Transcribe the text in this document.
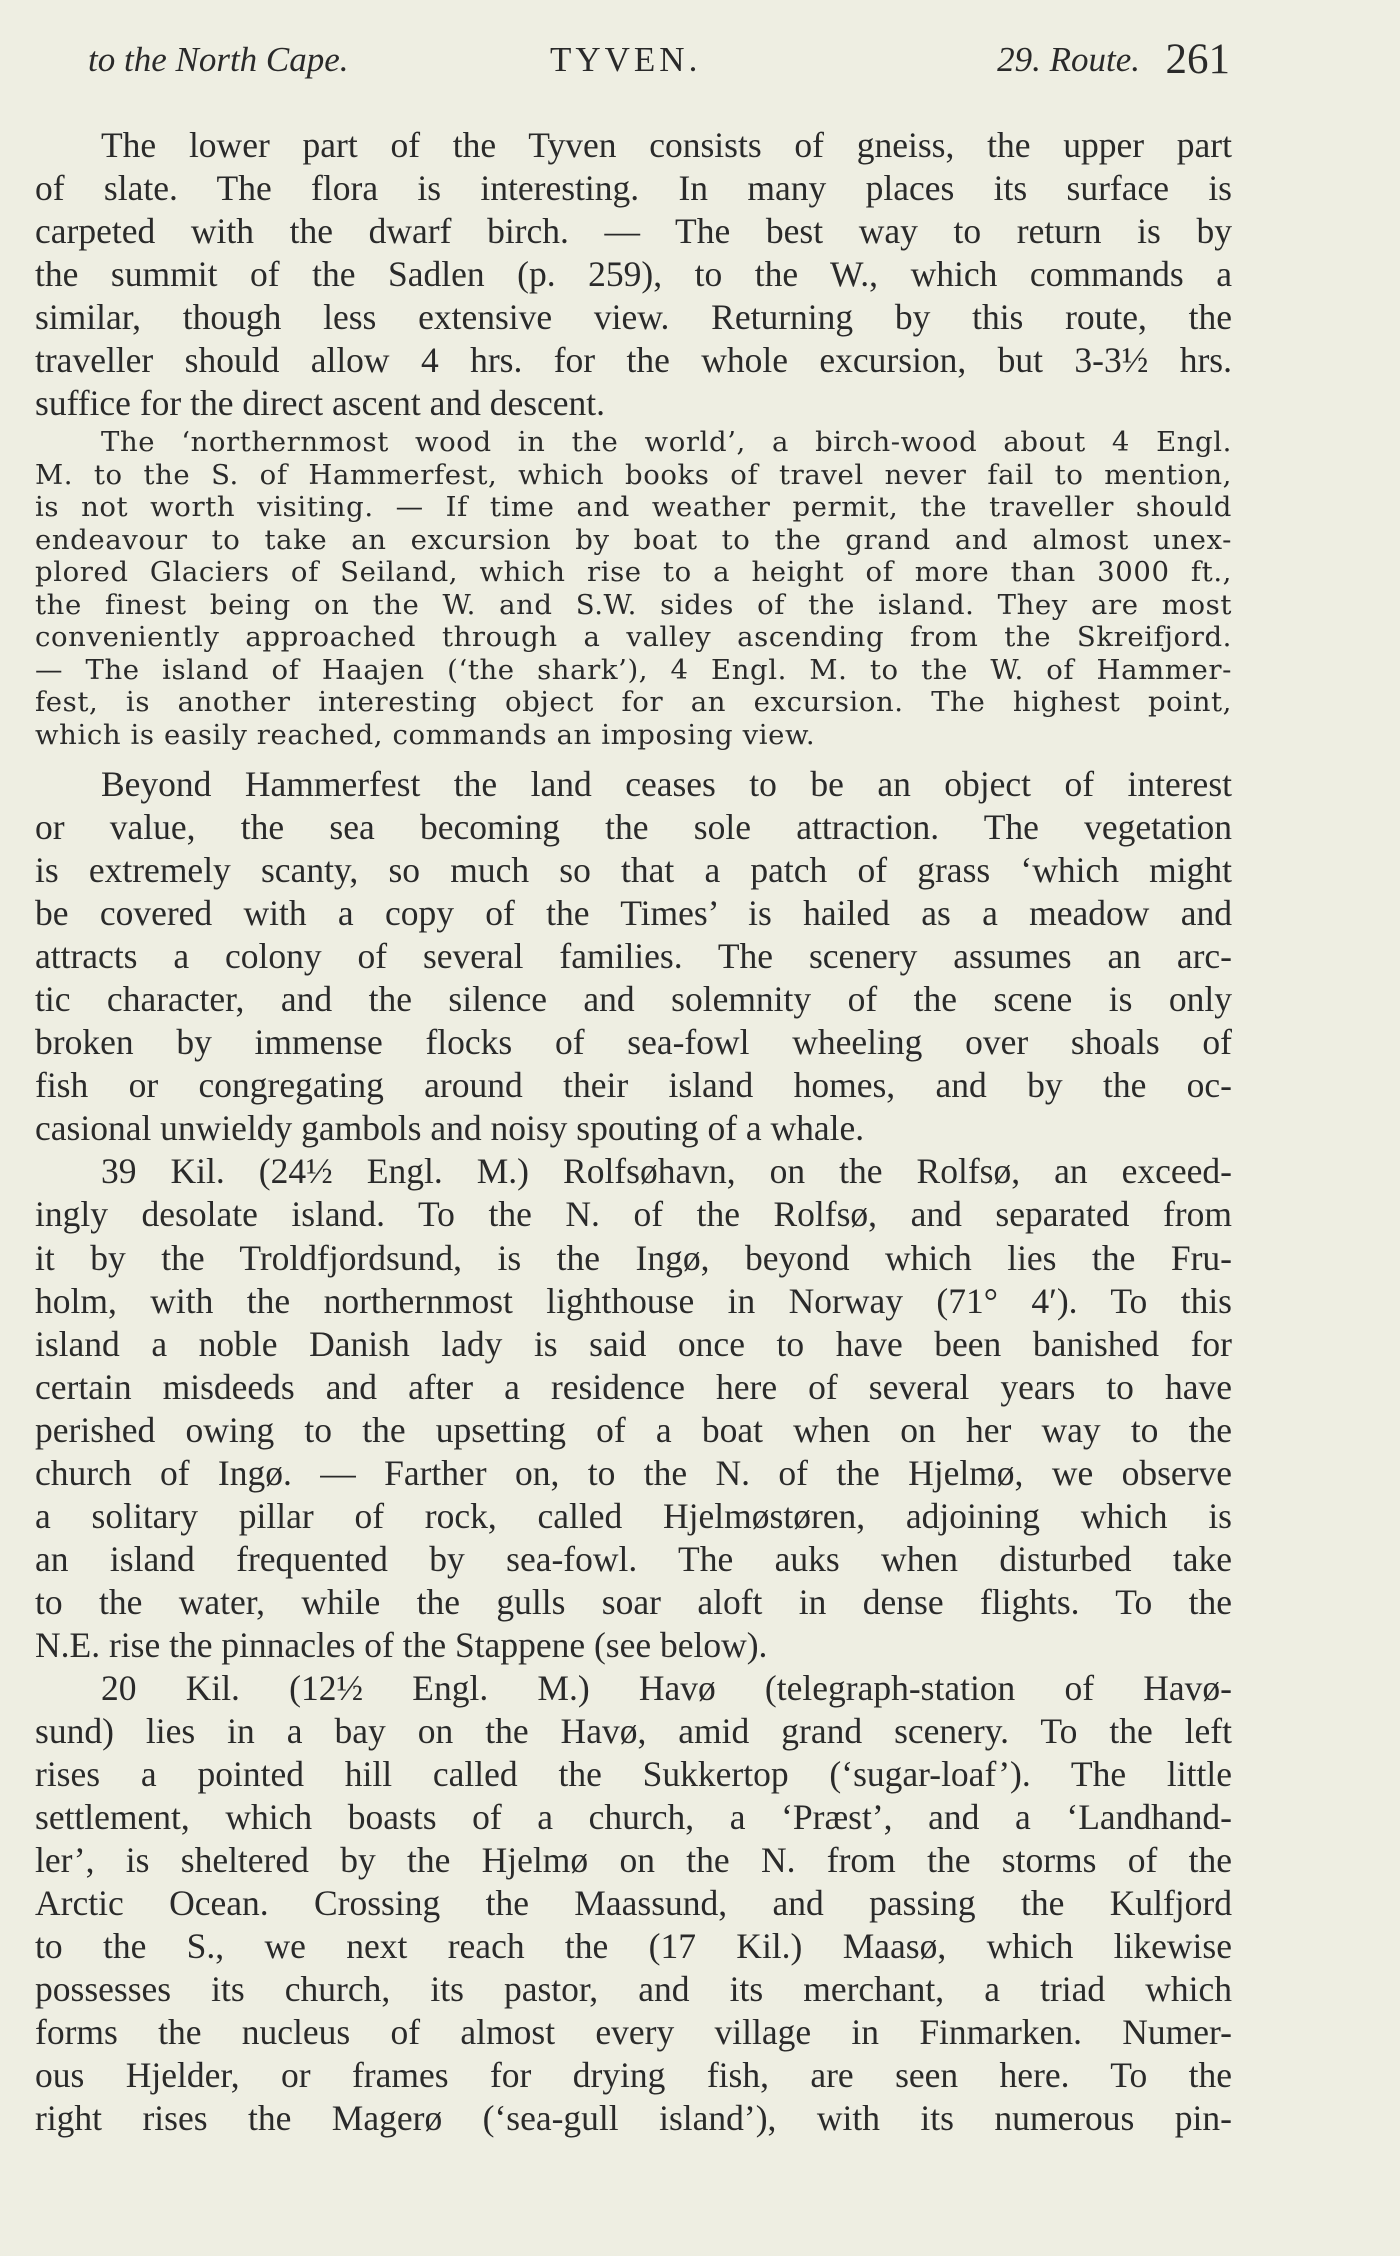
to the North Cape.	TYVEN.	29. Route. 261
The lower part of the Tyven consists of gneiss, the upper part
of slate. The flora is interesting. In many places its surface is
carpeted with the dwarf birch. — The best way to return is by
the summit of the Sadlen (p. 259), to the W., which commands a
similar, though less extensive view. Returning by this route, the
traveller should allow 4 hrs. for the whole excursion, but 3-3½ hrs.
suffice for the direct ascent and descent.
The ‘northernmost wood in the world’, a birch-wood about 4 Engl.
M. to the S. of Hammerfest, which books of travel never fail to mention,
is not worth visiting. — If time and weather permit, the traveller should
endeavour to take an excursion by boat to the grand and almost unex-
plored Glaciers of Seiland, which rise to a height of more than 3000 ft.,
the finest being on the W. and S.W. sides of the island. They are most
conveniently approached through a valley ascending from the Skreifjord.
— The island of Haajen (‘the shark’), 4 Engl. M. to the W. of Hammer-
fest, is another interesting object for an excursion. The highest point,
which is easily reached, commands an imposing view.
Beyond Hammerfest the land ceases to be an object of interest
or value, the sea becoming the sole attraction. The vegetation
is extremely scanty, so much so that a patch of grass ‘which might
be covered with a copy of the Times’ is hailed as a meadow and
attracts a colony of several families. The scenery assumes an arc-
tic character, and the silence and solemnity of the scene is only
broken by immense flocks of sea-fowl wheeling over shoals of
fish or congregating around their island homes, and by the oc-
casional unwieldy gambols and noisy spouting of a whale.
39 Kil. (24½ Engl. M.) Rolfsøhavn, on the Rolfsø, an exceed-
ingly desolate island. To the N. of the Rolfsø, and separated from
it by the Troldfjordsund, is the Ingø, beyond which lies the Fru-
holm, with the northernmost lighthouse in Norway (71° 4′). To this
island a noble Danish lady is said once to have been banished for
certain misdeeds and after a residence here of several years to have
perished owing to the upsetting of a boat when on her way to the
church of Ingø. — Farther on, to the N. of the Hjelmø, we observe
a solitary pillar of rock, called Hjelmøstøren, adjoining which is
an island frequented by sea-fowl. The auks when disturbed take
to the water, while the gulls soar aloft in dense flights. To the
N.E. rise the pinnacles of the Stappene (see below).
20 Kil. (12½ Engl. M.) Havø (telegraph-station of Havø-
sund) lies in a bay on the Havø, amid grand scenery. To the left
rises a pointed hill called the Sukkertop (‘sugar-loaf’). The little
settlement, which boasts of a church, a ‘Præst’, and a ‘Landhand-
ler’, is sheltered by the Hjelmø on the N. from the storms of the
Arctic Ocean. Crossing the Maassund, and passing the Kulfjord
to the S., we next reach the (17 Kil.) Maasø, which likewise
possesses its church, its pastor, and its merchant, a triad which
forms the nucleus of almost every village in Finmarken. Numer-
ous Hjelder, or frames for drying fish, are seen here. To the
right rises the Magerø (‘sea-gull island’), with its numerous pin-
